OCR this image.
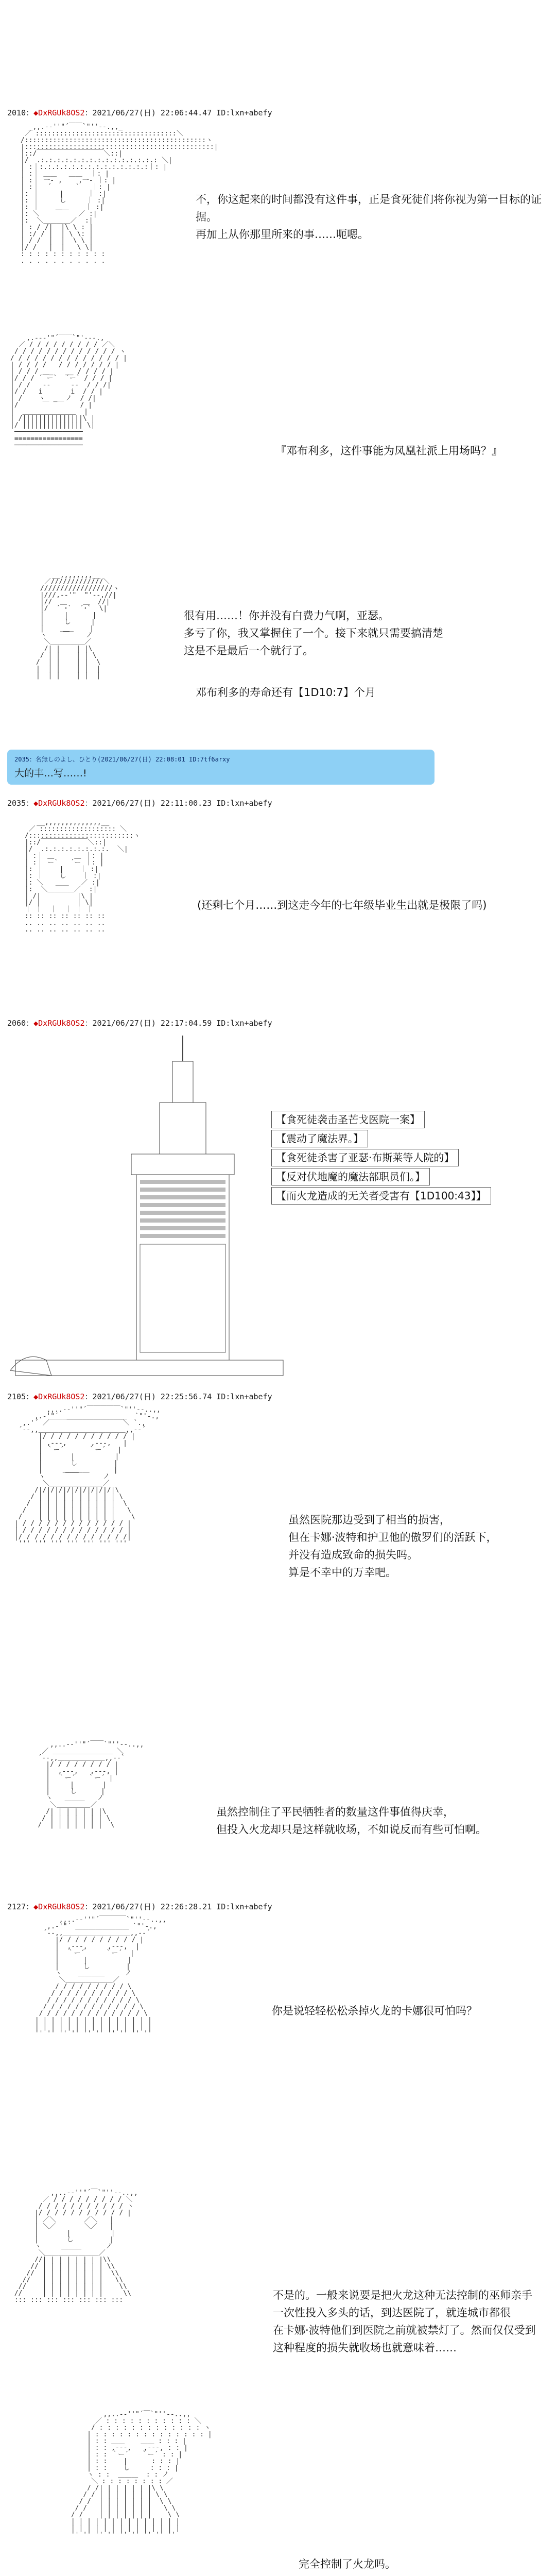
2010：◆DxRGUk8OS2：2021/06/27(日) 22:06:44.47 ID:lxn+abefy
_,,.-‐''"´￣￣`"''‐-.,,_
／ :::::::::::::::::::::::::::::::::::＼
/:::::::::::::::::::::::::::::::::::::::::::::ヽ
|:::::::::::::::::::::::::::::::::::::::::::::::|
|::/￣￣￣￣￣￣￣￣￣￣＼::|
|/  .:.:.:.:.:.:.:.:.:.:.:.:.:.:.: ＼|
| :｜:.:.:.:.:.:.:.:.:.:.:.:.:.:｜: |
| :｜ ＿＿   ＿＿  ｜: |
| :｜ 一‐ ,    ,一‐ ｜: |
| :｜  ´      `   ｜: |
|: ｜     |      ｜ :|
|: ｜     し     ｜ :|
|: ｜    ＿＿    ｜ :|
|: ＼    ￣    ／ :|
|:  ＼＿＿＿＿／  :|
| : / /|  |\ \ : |
| :/ / |  | \ \: |
| / /  |  |  \ \ |
|/ /   |  |   \ \|
: : : : : : : : : : :
. . . . . . . . . . .
不，你这起来的时间都没有这件事，正是食死徒们将你视为第一目标的证据。
再加上从你那里所来的事……呃嗯。
,.--‐'"´￣￣`"'‐--.,
／ / / / / / / / / / ／＼
/ / / / / / / / / / / / / ヽ
/ / / / / / / / / / / / / / |
| / / / /   / / / / / / / |
| / / / ＿_   __ / / / / |
|/ / / ´ ー`  ´ー` / / / |
| / /   -‐     ‐-  / / /|
|/ /   i       i  / / |
| /    ヽ  _  ノ  / /|
|/      ￣  ￣    / |
|  ＿＿＿＿＿＿＿＿  |
| /|||||||||||||||\ |
|/ ||||||||||||||| \|
─────────────────
≡≡≡≡≡≡≡≡≡≡≡≡≡≡≡≡≡
─────────────────	『邓布利多，这件事能为凤凰社派上用场吗？』
__,,,,,,,,__
／/////////////＼
//////////////////ヽ
|///,-‐'"  "'‐-,//|
|//  ＿    ＿  //|
|/  ´ ･`  ´･`  \|
|     |      |
|     し     |
|    ＿＿    |
ヽ    ￣    ノ
＼＿＿＿＿＿／
/| |    | |\
/ | |    | | \
/  | |    | |  \
|  | |    | |  |
|  | |    | |  |
很有用……！你并没有白费力气啊，亚瑟。
多亏了你，我又掌握住了一个。接下来就只需要搞清楚
这是不是最后一个就行了。
邓布利多的寿命还有【1D10:7】个月
2035：名無しのよし、ひとり(2021/06/27(日) 22:08:01 ID:7tf6arxy
大的丰…写……!
2035：◆DxRGUk8OS2：2021/06/27(日) 22:11:00.23 ID:lxn+abefy
__,,,,,,,,,,,,,,__
／ ::::::::::::::::::: ＼
/::::::::::::::::::::::::::ヽ
|::/￣￣￣￣￣￣￣＼::|
|/  .:.:.:.:.:.:.:.:.  ＼|
| :｜ ＿     ＿ ｜: |
| :｜ ー`   ´ー ｜: |
|: ｜    |    ｜ :|
|: ｜    し    ｜ :|
|: ＼   ＿＿   ／ :|
|:  ＼＿＿＿＿／  :|
| /|         |\ |
|/ |         | \|
｜ ｜  ｜  ｜ ｜ ｜
:: :: :: :: :: :: ::
.. .. .. .. .. .. ..
.. .. .. .. .. .. ..
(还剩七个月……到这走今年的七年级毕业生出就是极限了吗)
2060：◆DxRGUk8OS2：2021/06/27(日) 22:17:04.59 ID:lxn+abefy
【食死徒袭击圣芒戈医院一案】
【震动了魔法界。】
【食死徒杀害了亚瑟·布斯莱等人院的】
【反对伏地魔的魔法部职员们。】
【而火龙造成的无关者受害有【1D100:43】】
2105：◆DxRGUk8OS2：2021/06/27(日) 22:25:56.74 ID:lxn+abefy
,,..-‐''"´￣￣￣￣￣`"''‐-..,,
,.-'"´  ＿＿＿＿＿＿＿＿＿  `"'-.,
,.'´ ／￣￣￣￣￣￣￣￣￣￣￣＼ `.,
´‐-,,＿＿＿＿＿＿＿＿＿＿＿＿＿,,-‐´
|/ / / / / / / / / / / |
| ,-‐-,      ,-‐-,   |
| ｀ー´      ｀ー´   |
|       |          |
|       し         |
|     ＿＿＿＿      |
ヽ     ￣￣      ノ
＼＿＿＿＿＿＿＿＿／
/|/|/|/|/|/|/|/|/|/|\
/ | | | | | | | | | | \
/  | | | | | | | | | |  \
/   | | | | | | | | | |   \
/    | | | | | | | | | |    \
| / / / / / / / / / / / / / |
| / / / / / / / / / / / / / |
|/ / / / / / / / / / / / / /|
''' ''' ''' ''' ''' ''' '''
虽然医院那边受到了相当的损害，
但在卡娜·波特和护卫他的傲罗们的活跃下，
并没有造成致命的损失吗。
算是不幸中的万幸吧。
,,..-‐''"´￣￣`"''‐-..,,
／ ＿＿＿＿＿＿＿＿＿ ＼
´‐-,,＿＿＿＿＿＿＿,,-‐`
|/ / / / / / / / |
|  ,-‐-,   ,-‐-, |
|  ｀ー´   ｀ー´ |
|     |       |
|     し      |
ヽ   ＿＿＿   ノ
＼＿＿＿＿＿／
/| | | | | | |\
/ | | | | | | | \
/  | | | | | | |  \
虽然控制住了平民牺牲者的数量这件事值得庆幸，
但投入火龙却只是这样就收场，不如说反而有些可怕啊。
2127：◆DxRGUk8OS2：2021/06/27(日) 22:26:28.21 ID:lxn+abefy
,,..-‐''"´￣￣￣￣`"''‐-..,,
,.-'"´ ＿＿＿＿＿＿＿＿ `"'-.,
´‐-,,＿＿＿＿＿＿＿＿＿＿,,-‐´
|/ / / / / / / / / / |
|  ,-‐-,     ,-‐-,  |
|  ｀ー´     ｀ー´  |
|      |          |
|      し         |
ヽ    ＿＿＿＿     ノ
＼＿＿＿＿＿＿＿／
/ / / / / / / / / \
/ / / / / / / / / / \
/ / / / / / / / / / / \
/ / / / / / / / / / / / \
/ / / / / / / / / / / / / \
| | | | | | | | | | | | | | |
| | | | | | | | | | | | | | |
'' '' '' '' '' '' '' '' '' ''
你是说轻轻松松杀掉火龙的卡娜很可怕吗？
,,..-‐''"´￣`"''‐-..,,
／ / / / / / / / / / ＼
/ / / / / / / / / / / ヽ
|/ / / / / / / / / / / |
| ／＼       ／＼   |
| ＼／       ＼／   |
|       |          |
|       し         |
ヽ     ＿＿＿      ノ
＼＿＿＿＿＿＿＿＿／
//| | | | | | | |\\
// | | | | | | | | \\
//  | | | | | | | |  \\
//   | | | | | | | |   \\
//    | | | | | | | |    \\
//     | | | | | | | |     \\
::: ::: ::: ::: ::: ::: :::	不是的。一般来说要是把火龙这种无法控制的巫师亲手
一次性投入多头的话，到达医院了，就连城市都很
在卡娜·波特他们到医院之前就被禁灯了。然而仅仅受到
这种程度的损失就收场也就意味着……
,,..-‐''"´￣`"''‐-..,,
／ : : : : : : : : : : : ＼
/ : : : : : : : : : : : : : ヽ
| : : : : : : : : : : : : : : |
| : : ＿＿    ＿＿ : : : |
| : : ,-‐-,   ,-‐-, : : |
| : : ｀ー´   ｀ー´ : : |
| : :    |      : : : |
| : :    し     : : : |
ヽ : :  ＿＿＿  : : ノ
＼ : : : : : : : : ／
/ /| | | | | | |\ \
/ / | | | | | | | \ \
/ /  | | | | | | |  \ \
/ /   | | | | | | |   \ \
/ /    | | | | | | |    \ \
| | | | | | | | | | | | | |
| | | | | | | | | | | | | |
'' '' '' '' '' '' '' '' ''
完全控制了火龙吗。
